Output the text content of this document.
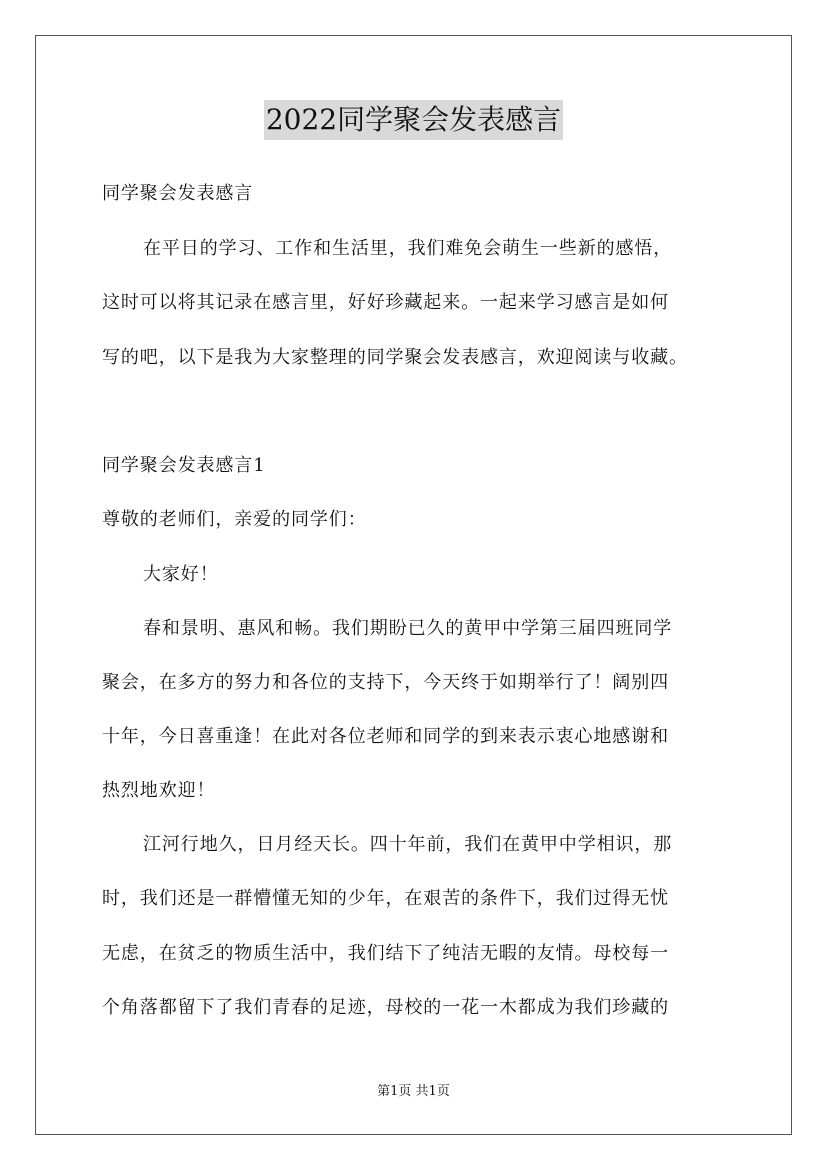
2022同学聚会发表感言
同学聚会发表感言
在平日的学习、工作和生活里，我们难免会萌生一些新的感悟，
这时可以将其记录在感言里，好好珍藏起来。一起来学习感言是如何
写的吧，以下是我为大家整理的同学聚会发表感言，欢迎阅读与收藏。
同学聚会发表感言1
尊敬的老师们，亲爱的同学们：
大家好！
春和景明、惠风和畅。我们期盼已久的黄甲中学第三届四班同学
聚会，在多方的努力和各位的支持下，今天终于如期举行了！阔别四
十年，今日喜重逢！在此对各位老师和同学的到来表示衷心地感谢和
热烈地欢迎！
江河行地久，日月经天长。四十年前，我们在黄甲中学相识，那
时，我们还是一群懵懂无知的少年，在艰苦的条件下，我们过得无忧
无虑，在贫乏的物质生活中，我们结下了纯洁无暇的友情。母校每一
个角落都留下了我们青春的足迹，母校的一花一木都成为我们珍藏的
第1页 共1页
